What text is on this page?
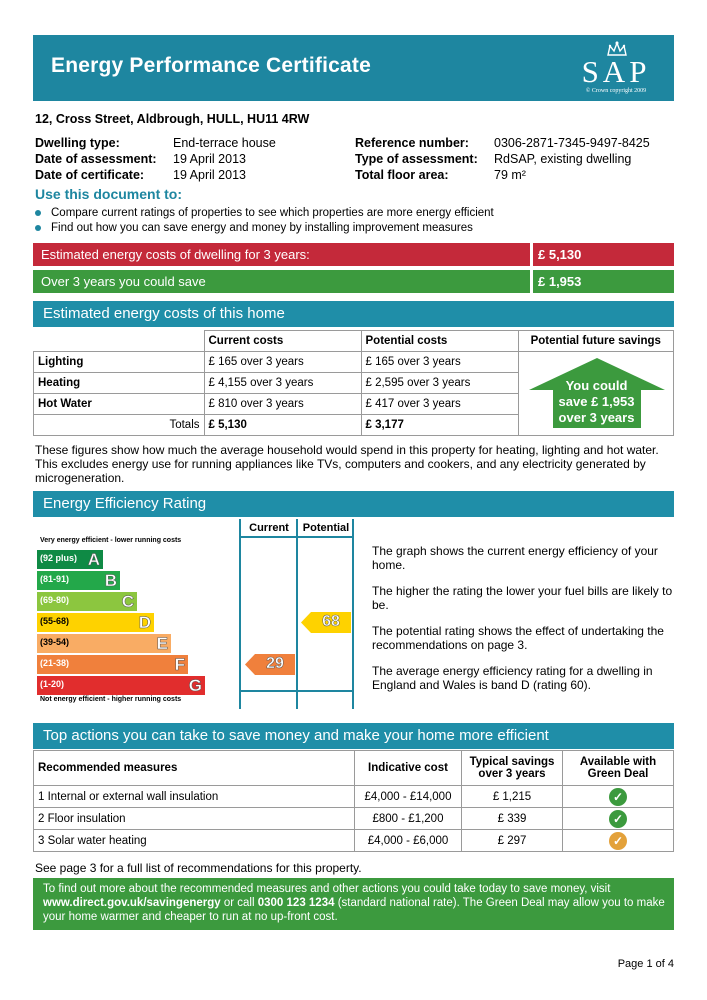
Energy Performance Certificate	SAP
© Crown copyright 2009
12, Cross Street, Aldbrough, HULL, HU11 4RW
Dwelling type:	End-terrace house
Date of assessment: 19 April 2013
Date of certificate: 19 April 2013
Reference number: 0306-2871-7345-9497-8425
Type of assessment: RdSAP, existing dwelling
Total floor area:	79 m²
Use this document to:
Compare current ratings of properties to see which properties are more energy efficient
Find out how you can save energy and money by installing improvement measures
Estimated energy costs of dwelling for 3 years:	£ 5,130
Over 3 years you could save	£ 1,953
Estimated energy costs of this home
	Current costs	Potential costs	Potential future savings
Lighting	£ 165 over 3 years	£ 165 over 3 years	You could
save £ 1,953
over 3 years

Heating	£ 4,155 over 3 years	£ 2,595 over 3 years	
Hot Water	£ 810 over 3 years	£ 417 over 3 years	
Totals	£ 5,130	£ 3,177	
These figures show how much the average household would spend in this property for heating, lighting and hot water. This excludes energy use for running appliances like TVs, computers and cookers, and any electricity generated by microgeneration.
Energy Efficiency Rating
Current	Potential
Very energy efficient - lower running costs
Not energy efficient - higher running costs
(92 plus) A
(81-91) B
(69-80)	C
(55-68)	D
(39-54)	E
(21-38)	F
(1-20)	G
29
68
The graph shows the current energy efficiency of your home.
The higher the rating the lower your fuel bills are likely to be.
The potential rating shows the effect of undertaking the recommendations on page 3.
The average energy efficiency rating for a dwelling in England and Wales is band D (rating 60).
Top actions you can take to save money and make your home more efficient
Recommended measures	Indicative cost	Typical savings over 3 years	Available with Green Deal
1 Internal or external wall insulation	£4,000 - £14,000	£ 1,215	✓
2 Floor insulation	£800 - £1,200	£ 339	✓
3 Solar water heating	£4,000 - £6,000	£ 297	✓
See page 3 for a full list of recommendations for this property.
To find out more about the recommended measures and other actions you could take today to save money, visit www.direct.gov.uk/savingenergy or call 0300 123 1234 (standard national rate). The Green Deal may allow you to make your home warmer and cheaper to run at no up-front cost.
Page 1 of 4
